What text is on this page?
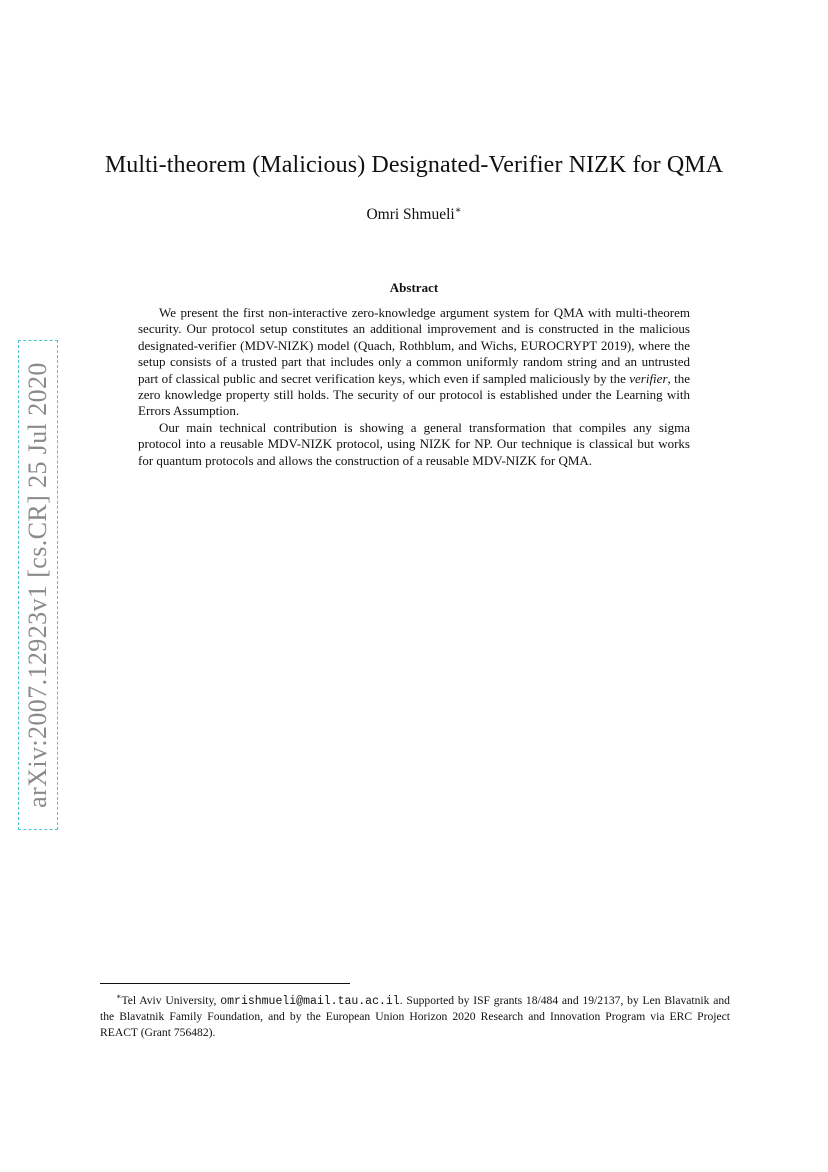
arXiv:2007.12923v1 [cs.CR] 25 Jul 2020
Multi-theorem (Malicious) Designated-Verifier NIZK for QMA
Omri Shmueli∗
Abstract

We present the first non-interactive zero-knowledge argument system for QMA with multi-theorem security. Our protocol setup constitutes an additional improvement and is constructed in the malicious designated-verifier (MDV-NIZK) model (Quach, Rothblum, and Wichs, EUROCRYPT 2019), where the setup consists of a trusted part that includes only a common uniformly random string and an untrusted part of classical public and secret verification keys, which even if sampled maliciously by the verifier, the zero knowledge property still holds. The security of our protocol is established under the Learning with Errors Assumption.

Our main technical contribution is showing a general transformation that compiles any sigma protocol into a reusable MDV-NIZK protocol, using NIZK for NP. Our technique is classical but works for quantum protocols and allows the construction of a reusable MDV-NIZK for QMA.

∗Tel Aviv University, omrishmueli@mail.tau.ac.il. Supported by ISF grants 18/484 and 19/2137, by Len Blavatnik and the Blavatnik Family Foundation, and by the European Union Horizon 2020 Research and Innovation Program via ERC Project REACT (Grant 756482).
